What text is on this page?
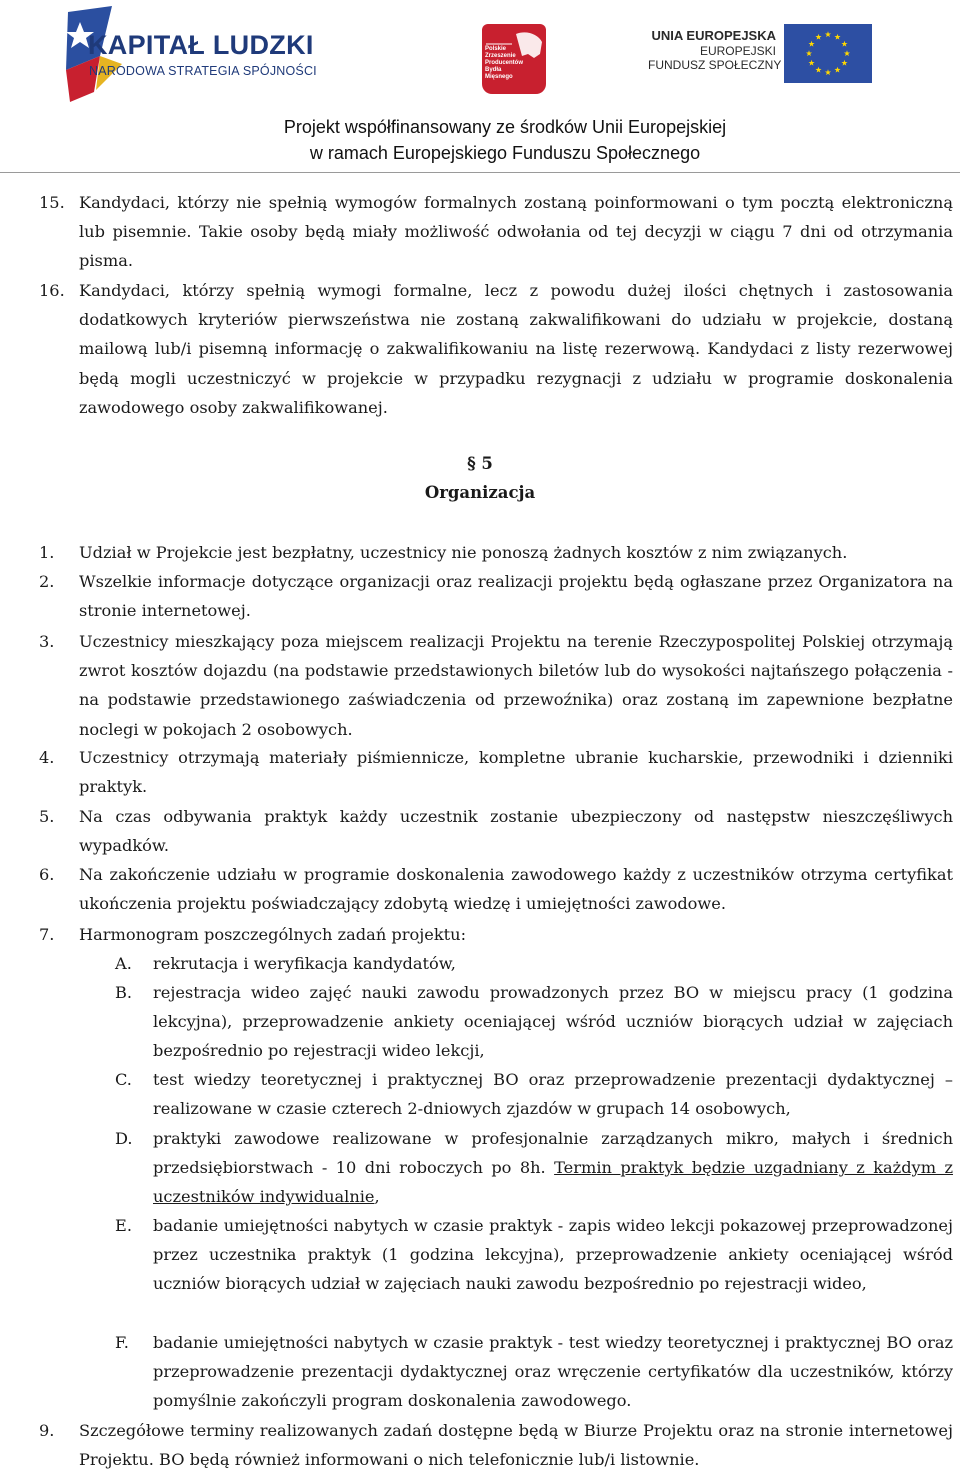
KAPITAŁ LUDZKI
NARODOWA STRATEGIA SPÓJNOŚCI
Polskie Zrzeszenie Producentów Bydła Mięsnego
UNIA EUROPEJSKA
EUROPEJSKI
FUNDUSZ SPOŁECZNY
Projekt współfinansowany ze środków Unii Europejskiej
w ramach Europejskiego Funduszu Społecznego
15. Kandydaci, którzy nie spełnią wymogów formalnych zostaną poinformowani o tym pocztą elektroniczną lub pisemnie. Takie osoby będą miały możliwość odwołania od tej decyzji w ciągu 7 dni od otrzymania pisma.
16. Kandydaci, którzy spełnią wymogi formalne, lecz z powodu dużej ilości chętnych i zastosowania dodatkowych kryteriów pierwszeństwa nie zostaną zakwalifikowani do udziału w projekcie, dostaną mailową lub/i pisemną informację o zakwalifikowaniu na listę rezerwową. Kandydaci z listy rezerwowej będą mogli uczestniczyć w projekcie w przypadku rezygnacji z udziału w programie doskonalenia zawodowego osoby zakwalifikowanej.
§ 5
Organizacja
1.	Udział w Projekcie jest bezpłatny, uczestnicy nie ponoszą żadnych kosztów z nim związanych.
2.	Wszelkie informacje dotyczące organizacji oraz realizacji projektu będą ogłaszane przez Organizatora na stronie internetowej.
3.	Uczestnicy mieszkający poza miejscem realizacji Projektu na terenie Rzeczypospolitej Polskiej otrzymają zwrot kosztów dojazdu (na podstawie przedstawionych biletów lub do wysokości najtańszego połączenia - na podstawie przedstawionego zaświadczenia od przewoźnika) oraz zostaną im zapewnione bezpłatne noclegi w pokojach 2 osobowych.
4.	Uczestnicy otrzymają materiały piśmiennicze, kompletne ubranie kucharskie, przewodniki i dzienniki praktyk.
5.	Na czas odbywania praktyk każdy uczestnik zostanie ubezpieczony od następstw nieszczęśliwych wypadków.
6.	Na zakończenie udziału w programie doskonalenia zawodowego każdy z uczestników otrzyma certyfikat ukończenia projektu poświadczający zdobytą wiedzę i umiejętności zawodowe.
7.	Harmonogram poszczególnych zadań projektu:
A.	rekrutacja i weryfikacja kandydatów,
B.	rejestracja wideo zajęć nauki zawodu prowadzonych przez BO w miejscu pracy (1 godzina lekcyjna), przeprowadzenie ankiety oceniającej wśród uczniów biorących udział w zajęciach bezpośrednio po rejestracji wideo lekcji,
C.	test wiedzy teoretycznej i praktycznej BO oraz przeprowadzenie prezentacji dydaktycznej – realizowane w czasie czterech 2-dniowych zjazdów w grupach 14 osobowych,
D.	praktyki zawodowe realizowane w profesjonalnie zarządzanych mikro, małych i średnich przedsiębiorstwach - 10 dni roboczych po 8h. Termin praktyk będzie uzgadniany z każdym z uczestników indywidualnie,
E.	badanie umiejętności nabytych w czasie praktyk - zapis wideo lekcji pokazowej przeprowadzonej przez uczestnika praktyk (1 godzina lekcyjna), przeprowadzenie ankiety oceniającej wśród uczniów biorących udział w zajęciach nauki zawodu bezpośrednio po rejestracji wideo,
F.	badanie umiejętności nabytych w czasie praktyk - test wiedzy teoretycznej i praktycznej BO oraz przeprowadzenie prezentacji dydaktycznej oraz wręczenie certyfikatów dla uczestników, którzy pomyślnie zakończyli program doskonalenia zawodowego.
9.	Szczegółowe terminy realizowanych zadań dostępne będą w Biurze Projektu oraz na stronie internetowej Projektu. BO będą również informowani o nich telefonicznie lub/i listownie.
